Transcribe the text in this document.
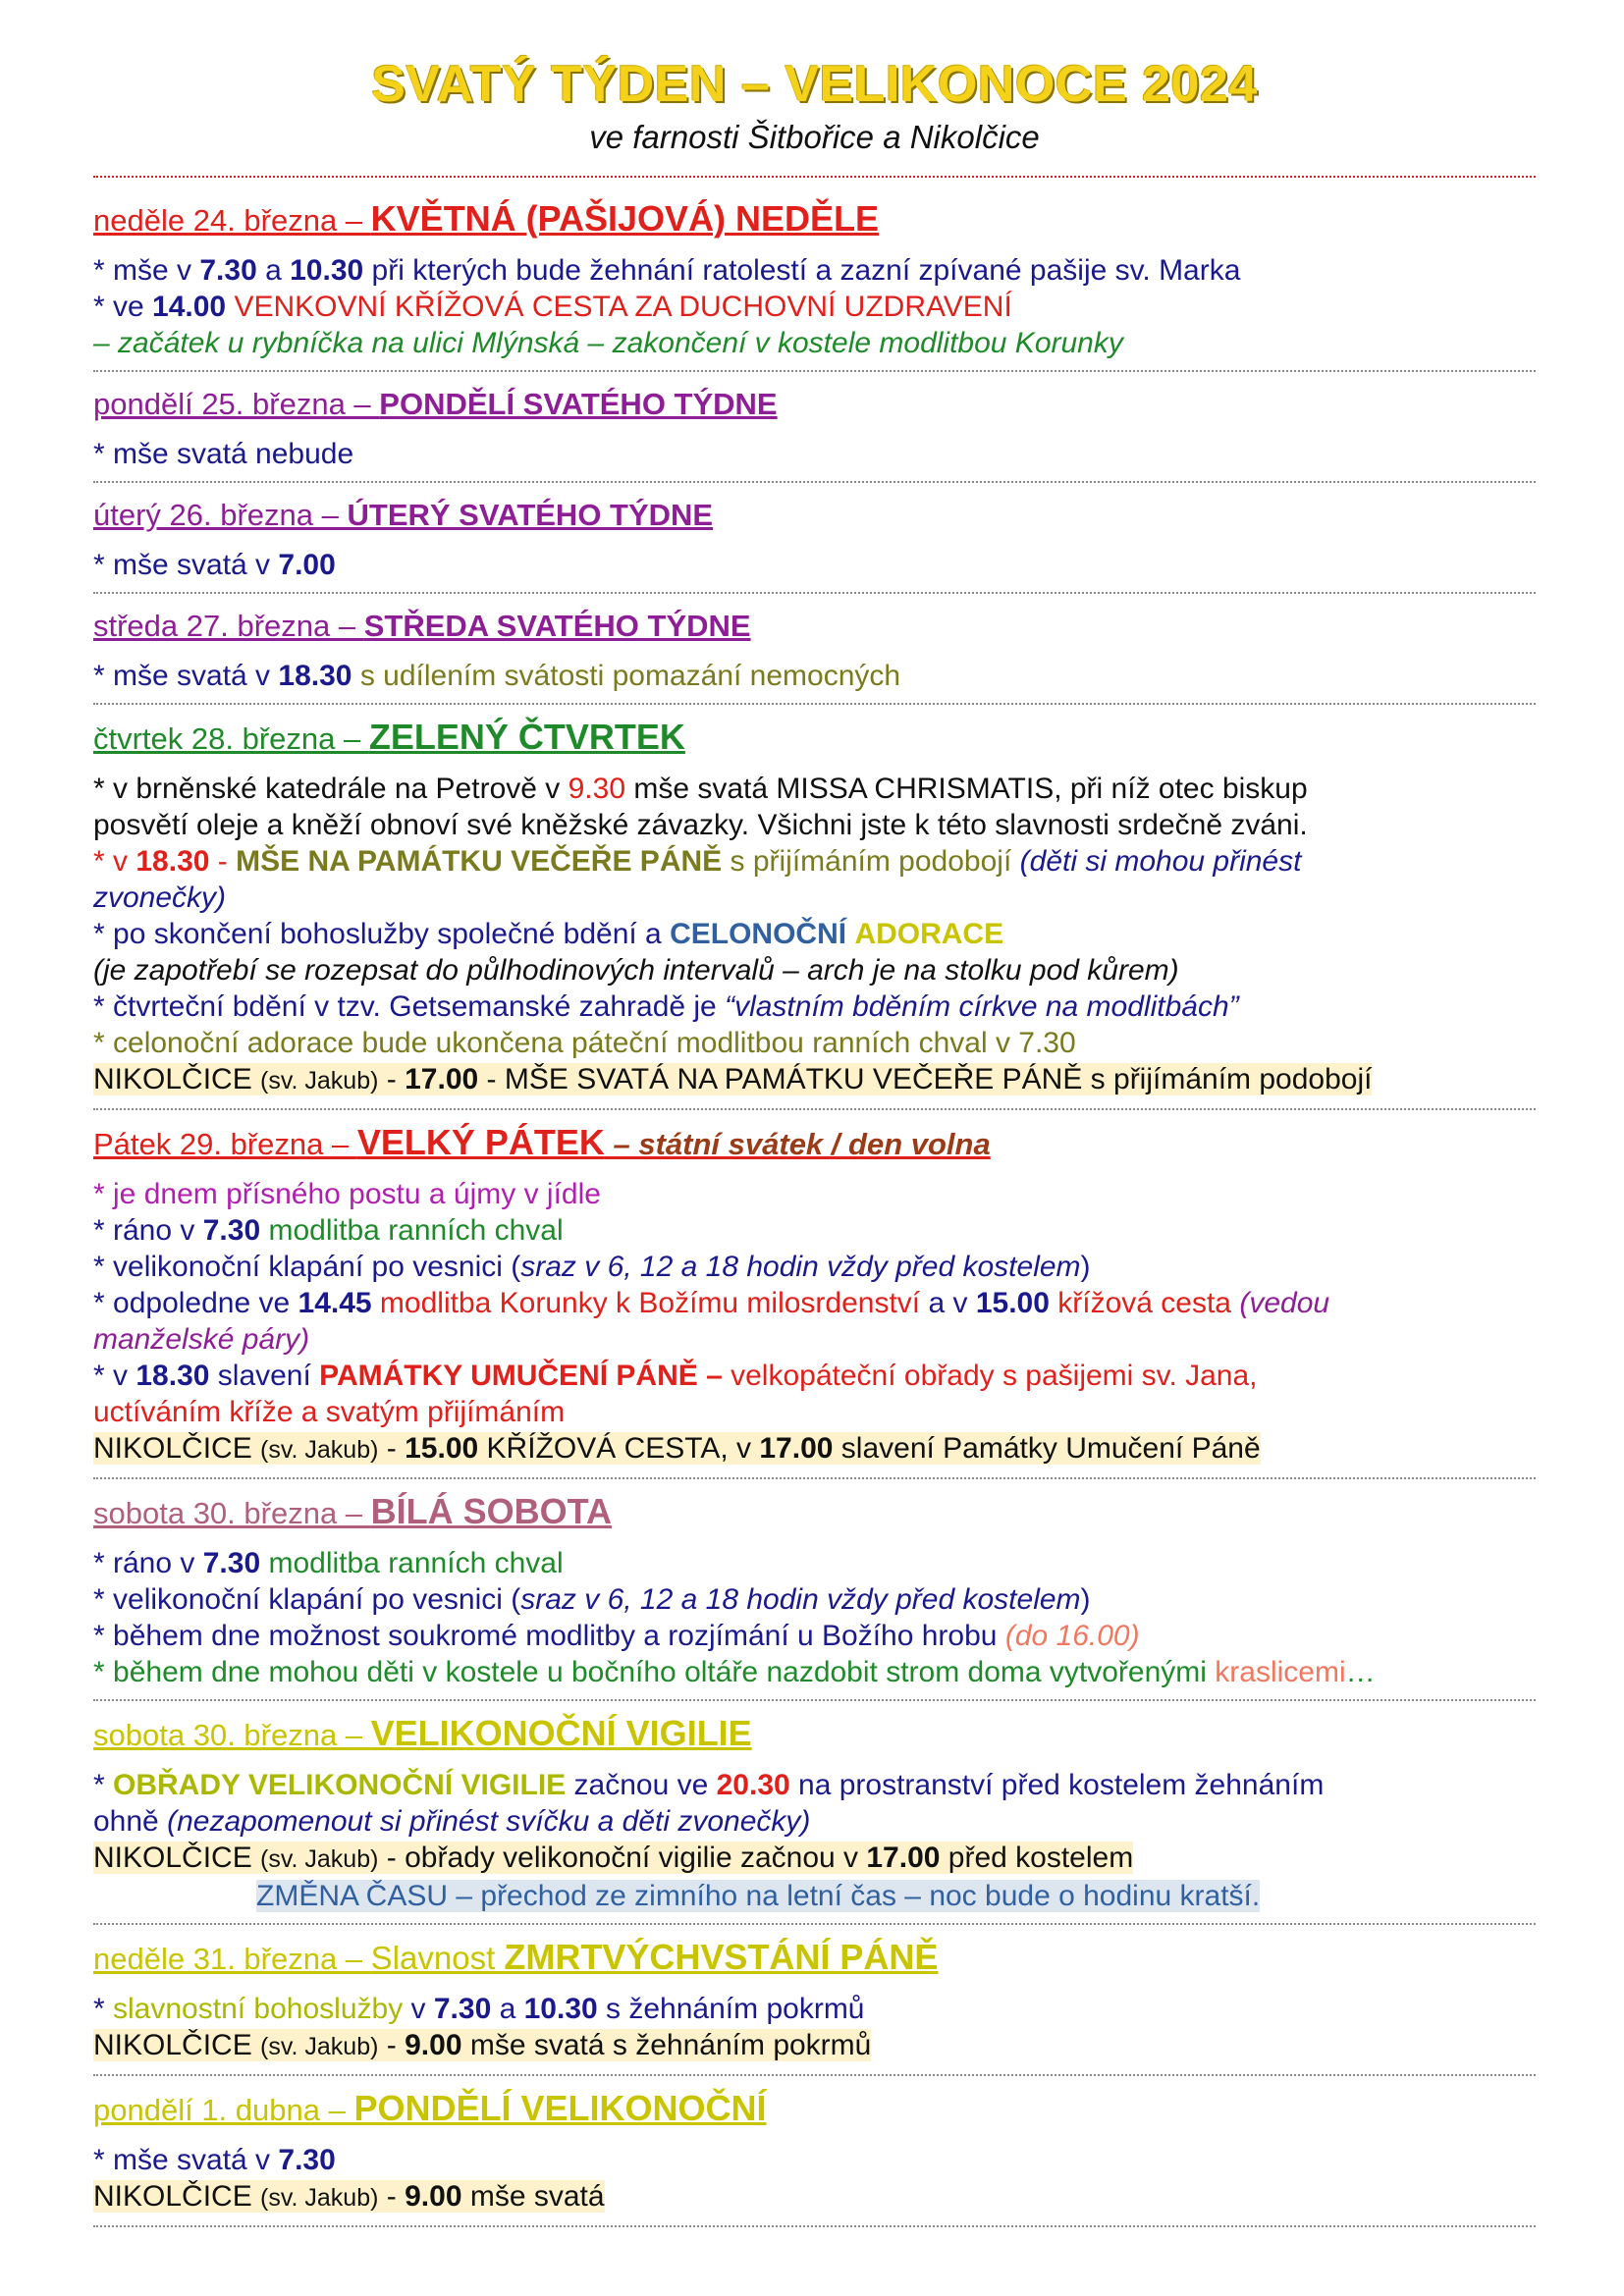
SVATÝ TÝDEN – VELIKONOCE 2024
ve farnosti Šitbořice a Nikolčice
neděle 24. března – KVĚTNÁ (PAŠIJOVÁ) NEDĚLE
* mše v 7.30 a 10.30 při kterých bude žehnání ratolestí a zazní zpívané pašije sv. Marka
* ve 14.00 VENKOVNÍ KŘÍŽOVÁ CESTA ZA DUCHOVNÍ UZDRAVENÍ
– začátek u rybníčka na ulici Mlýnská – zakončení v kostele modlitbou Korunky
pondělí 25. března – PONDĚLÍ SVATÉHO TÝDNE
* mše svatá nebude
úterý 26. března – ÚTERÝ SVATÉHO TÝDNE
* mše svatá v 7.00
středa 27. března – STŘEDA SVATÉHO TÝDNE
* mše svatá v 18.30 s udílením svátosti pomazání nemocných
čtvrtek 28. března – ZELENÝ ČTVRTEK
* v brněnské katedrále na Petrově v 9.30 mše svatá MISSA CHRISMATIS, při níž otec biskup
posvětí oleje a kněží obnoví své kněžské závazky. Všichni jste k této slavnosti srdečně zváni.
* v 18.30 - MŠE NA PAMÁTKU VEČEŘE PÁNĚ s přijímáním podobojí (děti si mohou přinést
zvonečky)
* po skončení bohoslužby společné bdění a CELONOČNÍ ADORACE
(je zapotřebí se rozepsat do půlhodinových intervalů – arch je na stolku pod kůrem)
* čtvrteční bdění v tzv. Getsemanské zahradě je “vlastním bděním církve na modlitbách”
* celonoční adorace bude ukončena páteční modlitbou ranních chval v 7.30
NIKOLČICE (sv. Jakub) - 17.00 - MŠE SVATÁ NA PAMÁTKU VEČEŘE PÁNĚ s přijímáním podobojí
Pátek 29. března – VELKÝ PÁTEK – státní svátek / den volna
* je dnem přísného postu a újmy v jídle
* ráno v 7.30 modlitba ranních chval
* velikonoční klapání po vesnici (sraz v 6, 12 a 18 hodin vždy před kostelem)
* odpoledne ve 14.45 modlitba Korunky k Božímu milosrdenství a v 15.00 křížová cesta (vedou
manželské páry)
* v 18.30 slavení PAMÁTKY UMUČENÍ PÁNĚ – velkopáteční obřady s pašijemi sv. Jana,
uctíváním kříže a svatým přijímáním
NIKOLČICE (sv. Jakub) - 15.00 KŘÍŽOVÁ CESTA, v 17.00 slavení Památky Umučení Páně
sobota 30. března – BÍLÁ SOBOTA
* ráno v 7.30 modlitba ranních chval
* velikonoční klapání po vesnici (sraz v 6, 12 a 18 hodin vždy před kostelem)
* během dne možnost soukromé modlitby a rozjímání u Božího hrobu (do 16.00)
* během dne mohou děti v kostele u bočního oltáře nazdobit strom doma vytvořenými kraslicemi…
sobota 30. března – VELIKONOČNÍ VIGILIE
* OBŘADY VELIKONOČNÍ VIGILIE začnou ve 20.30 na prostranství před kostelem žehnáním
ohně (nezapomenout si přinést svíčku a děti zvonečky)
NIKOLČICE (sv. Jakub) - obřady velikonoční vigilie začnou v 17.00 před kostelem
ZMĚNA ČASU – přechod ze zimního na letní čas – noc bude o hodinu kratší.
neděle 31. března – Slavnost ZMRTVÝCHVSTÁNÍ PÁNĚ
* slavnostní bohoslužby v 7.30 a 10.30 s žehnáním pokrmů
NIKOLČICE (sv. Jakub) - 9.00 mše svatá s žehnáním pokrmů
pondělí 1. dubna – PONDĚLÍ VELIKONOČNÍ
* mše svatá v 7.30
NIKOLČICE (sv. Jakub) - 9.00 mše svatá
